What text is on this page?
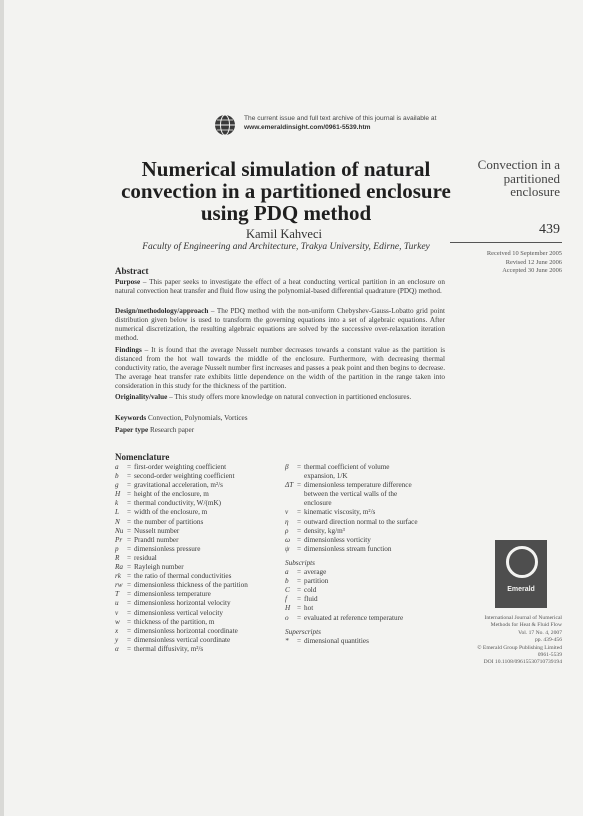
The current issue and full text archive of this journal is available at
www.emeraldinsight.com/0961-5539.htm
Numerical simulation of natural convection in a partitioned enclosure using PDQ method
Kamil Kahveci
Faculty of Engineering and Architecture, Trakya University, Edirne, Turkey
Convection in a
partitioned
enclosure
439
Received 10 September 2005
Revised 12 June 2006
Accepted 30 June 2006
Abstract
Purpose – This paper seeks to investigate the effect of a heat conducting vertical partition in an enclosure on natural convection heat transfer and fluid flow using the polynomial-based differential quadrature (PDQ) method.
Design/methodology/approach – The PDQ method with the non-uniform Chebyshev-Gauss-Lobatto grid point distribution given below is used to transform the governing equations into a set of algebraic equations. After numerical discretization, the resulting algebraic equations are solved by the successive over-relaxation iteration method.
Findings – It is found that the average Nusselt number decreases towards a constant value as the partition is distanced from the hot wall towards the middle of the enclosure. Furthermore, with decreasing thermal conductivity ratio, the average Nusselt number first increases and passes a peak point and then begins to decrease. The average heat transfer rate exhibits little dependence on the width of the partition in the range taken into consideration in this study for the thickness of the partition.
Originality/value – This study offers more knowledge on natural convection in partitioned enclosures.
Keywords Convection, Polynomials, Vortices
Paper type Research paper
Nomenclature
a	= first-order weighting coefficient
b	= second-order weighting coefficient
g	= gravitational acceleration, m²/s
H = height of the enclosure, m
k	= thermal conductivity, W/(mK)
L	= width of the enclosure, m
N	= the number of partitions
Nu = Nusselt number
Pr = Prandtl number
p	= dimensionless pressure
R	= residual
Ra = Rayleigh number
rk = the ratio of thermal conductivities
rw = dimensionless thickness of the partition
T	= dimensionless temperature
u	= dimensionless horizontal velocity
v	= dimensionless vertical velocity
w	= thickness of the partition, m
x	= dimensionless horizontal coordinate
y	= dimensionless vertical coordinate
α	= thermal diffusivity, m²/s
β	= thermal coefficient of volume
expansion, 1/K
ΔT = dimensionless temperature difference
between the vertical walls of the
enclosure
ν	= kinematic viscosity, m²/s
η	= outward direction normal to the surface
ρ	= density, kg/m³
ω = dimensionless vorticity
ψ	= dimensionless stream function
Subscripts
a	= average
b	= partition
C	= cold
f	= fluid
H = hot
o	= evaluated at reference temperature
Superscripts
*	= dimensional quantities
Emerald
International Journal of Numerical
Methods for Heat & Fluid Flow
Vol. 17 No. 4, 2007
pp. 439-456
© Emerald Group Publishing Limited
0961-5539
DOI 10.1108/09615530710739194
